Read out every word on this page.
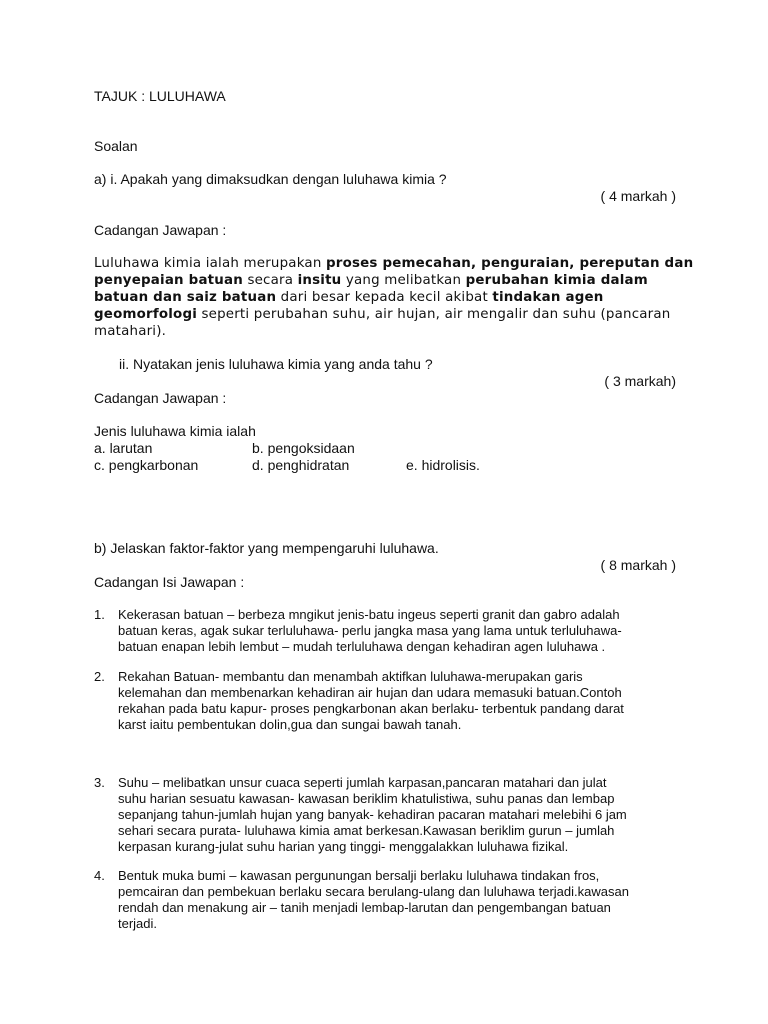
TAJUK : LULUHAWA
Soalan
a) i. Apakah yang dimaksudkan dengan luluhawa kimia ?
( 4 markah )
Cadangan Jawapan :
Luluhawa kimia ialah merupakan proses pemecahan, penguraian, pereputan dan
penyepaian batuan secara insitu yang melibatkan perubahan kimia dalam
batuan dan saiz batuan dari besar kepada kecil akibat tindakan agen
geomorfologi seperti perubahan suhu, air hujan, air mengalir dan suhu (pancaran
matahari).
ii. Nyatakan jenis luluhawa kimia yang anda tahu ?
( 3 markah)
Cadangan Jawapan :
Jenis luluhawa kimia ialah
a. larutan	b. pengoksidaan
c. pengkarbonan	d. penghidratan	e. hidrolisis.
b) Jelaskan faktor-faktor yang mempengaruhi luluhawa.
( 8 markah )
Cadangan Isi Jawapan :
1. Kekerasan batuan – berbeza mngikut jenis-batu ingeus seperti granit dan gabro adalah
batuan keras, agak sukar terluluhawa- perlu jangka masa yang lama untuk terluluhawa-
batuan enapan lebih lembut – mudah terluluhawa dengan kehadiran agen luluhawa .
2. Rekahan Batuan- membantu dan menambah aktifkan luluhawa-merupakan garis
kelemahan dan membenarkan kehadiran air hujan dan udara memasuki batuan.Contoh
rekahan pada batu kapur- proses pengkarbonan akan berlaku- terbentuk pandang darat
karst iaitu pembentukan dolin,gua dan sungai bawah tanah.
3. Suhu – melibatkan unsur cuaca seperti jumlah karpasan,pancaran matahari dan julat
suhu harian sesuatu kawasan- kawasan beriklim khatulistiwa, suhu panas dan lembap
sepanjang tahun-jumlah hujan yang banyak- kehadiran pacaran matahari melebihi 6 jam
sehari secara purata- luluhawa kimia amat berkesan.Kawasan beriklim gurun – jumlah
kerpasan kurang-julat suhu harian yang tinggi- menggalakkan luluhawa fizikal.
4. Bentuk muka bumi – kawasan pergunungan bersalji berlaku luluhawa tindakan fros,
pemcairan dan pembekuan berlaku secara berulang-ulang dan luluhawa terjadi.kawasan
rendah dan menakung air – tanih menjadi lembap-larutan dan pengembangan batuan
terjadi.
